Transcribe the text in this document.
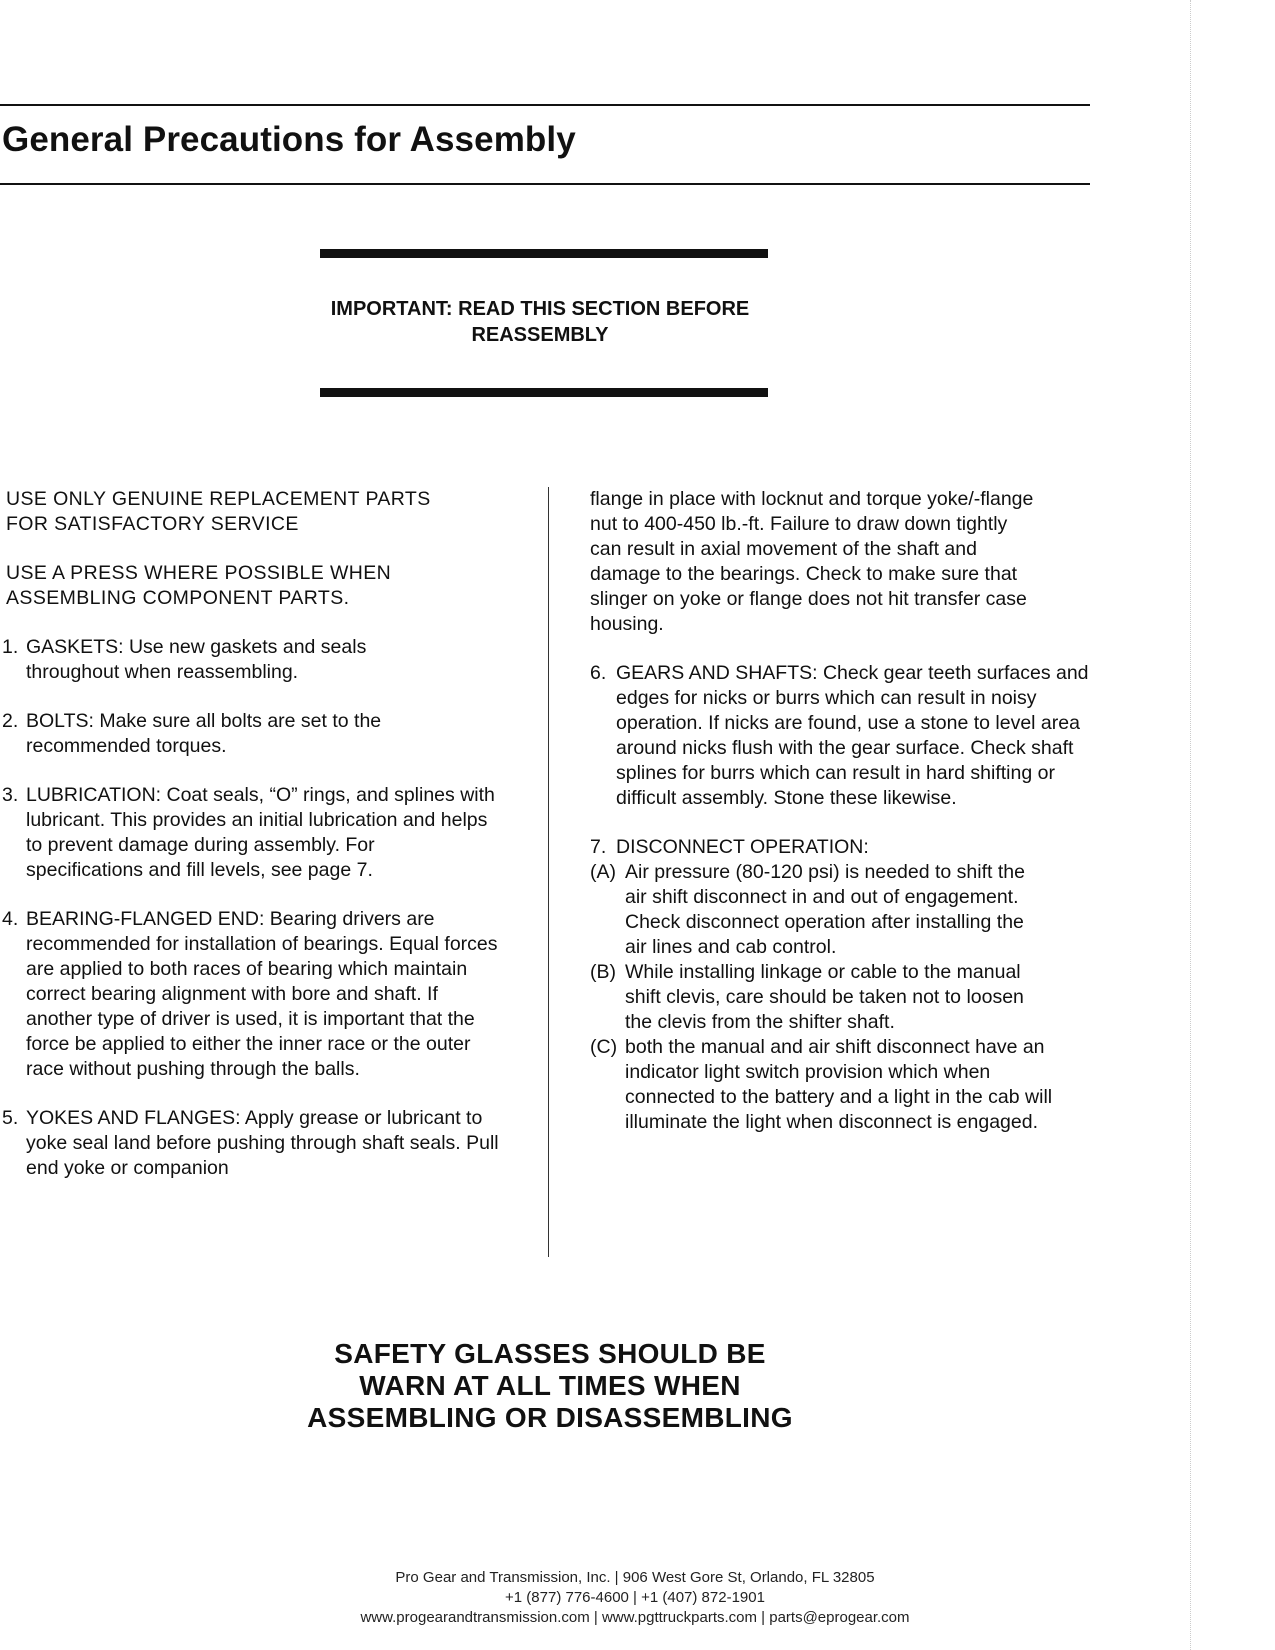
General Precautions for Assembly
IMPORTANT: READ THIS SECTION BEFORE
REASSEMBLY

USE ONLY GENUINE REPLACEMENT PARTS FOR SATISFACTORY SERVICE

USE A PRESS WHERE POSSIBLE WHEN ASSEMBLING COMPONENT PARTS.

1. GASKETS: Use new gaskets and seals throughout when reassembling.

2. BOLTS: Make sure all bolts are set to the recommended torques.

3. LUBRICATION: Coat seals, “O” rings, and splines with lubricant. This provides an initial lubrication and helps to prevent damage during assembly. For specifications and fill levels, see page 7.

4. BEARING-FLANGED END: Bearing drivers are recommended for installation of bearings. Equal forces are applied to both races of bearing which maintain correct bearing alignment with bore and shaft. If another type of driver is used, it is important that the force be applied to either the inner race or the outer race without pushing through the balls.

5. YOKES AND FLANGES: Apply grease or lubricant to yoke seal land before pushing through shaft seals. Pull end yoke or companion

flange in place with locknut and torque yoke/-flange nut to 400-450 lb.-ft. Failure to draw down tightly can result in axial movement of the shaft and damage to the bearings. Check to make sure that slinger on yoke or flange does not hit transfer case housing.

6. GEARS AND SHAFTS: Check gear teeth surfaces and edges for nicks or burrs which can result in noisy operation. If nicks are found, use a stone to level area around nicks flush with the gear surface. Check shaft splines for burrs which can result in hard shifting or difficult assembly. Stone these likewise.

7. DISCONNECT OPERATION:

(A) Air pressure (80-120 psi) is needed to shift the air shift disconnect in and out of engagement. Check disconnect operation after installing the air lines and cab control.

(B) While installing linkage or cable to the manual shift clevis, care should be taken not to loosen the clevis from the shifter shaft.

(C) both the manual and air shift disconnect have an indicator light switch provision which when connected to the battery and a light in the cab will illuminate the light when disconnect is engaged.

SAFETY GLASSES SHOULD BE
WARN AT ALL TIMES WHEN
ASSEMBLING OR DISASSEMBLING
Pro Gear and Transmission, Inc. | 906 West Gore St, Orlando, FL 32805
+1 (877) 776-4600 | +1 (407) 872-1901
www.progearandtransmission.com | www.pgttruckparts.com | parts@eprogear.com
